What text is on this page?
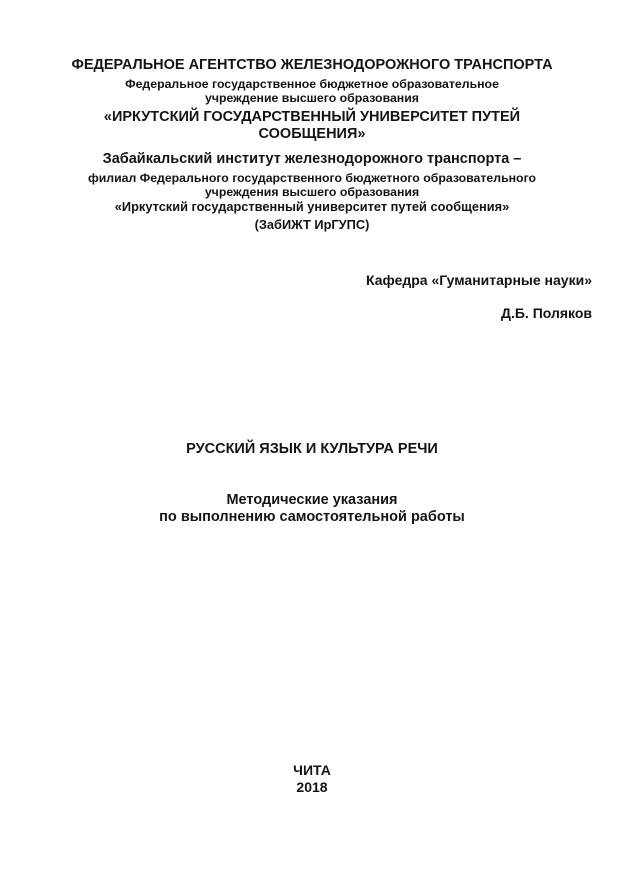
ФЕДЕРАЛЬНОЕ АГЕНТСТВО ЖЕЛЕЗНОДОРОЖНОГО ТРАНСПОРТА
Федеральное государственное бюджетное образовательное
учреждение высшего образования
«ИРКУТСКИЙ ГОСУДАРСТВЕННЫЙ УНИВЕРСИТЕТ ПУТЕЙ
СООБЩЕНИЯ»
Забайкальский институт железнодорожного транспорта –
филиал Федерального государственного бюджетного образовательного
учреждения высшего образования
«Иркутский государственный университет путей сообщения»
(ЗабИЖТ ИрГУПС)
Кафедра «Гуманитарные науки»
Д.Б. Поляков
РУССКИЙ ЯЗЫК И КУЛЬТУРА РЕЧИ
Методические указания
по выполнению самостоятельной работы
ЧИТА
2018
